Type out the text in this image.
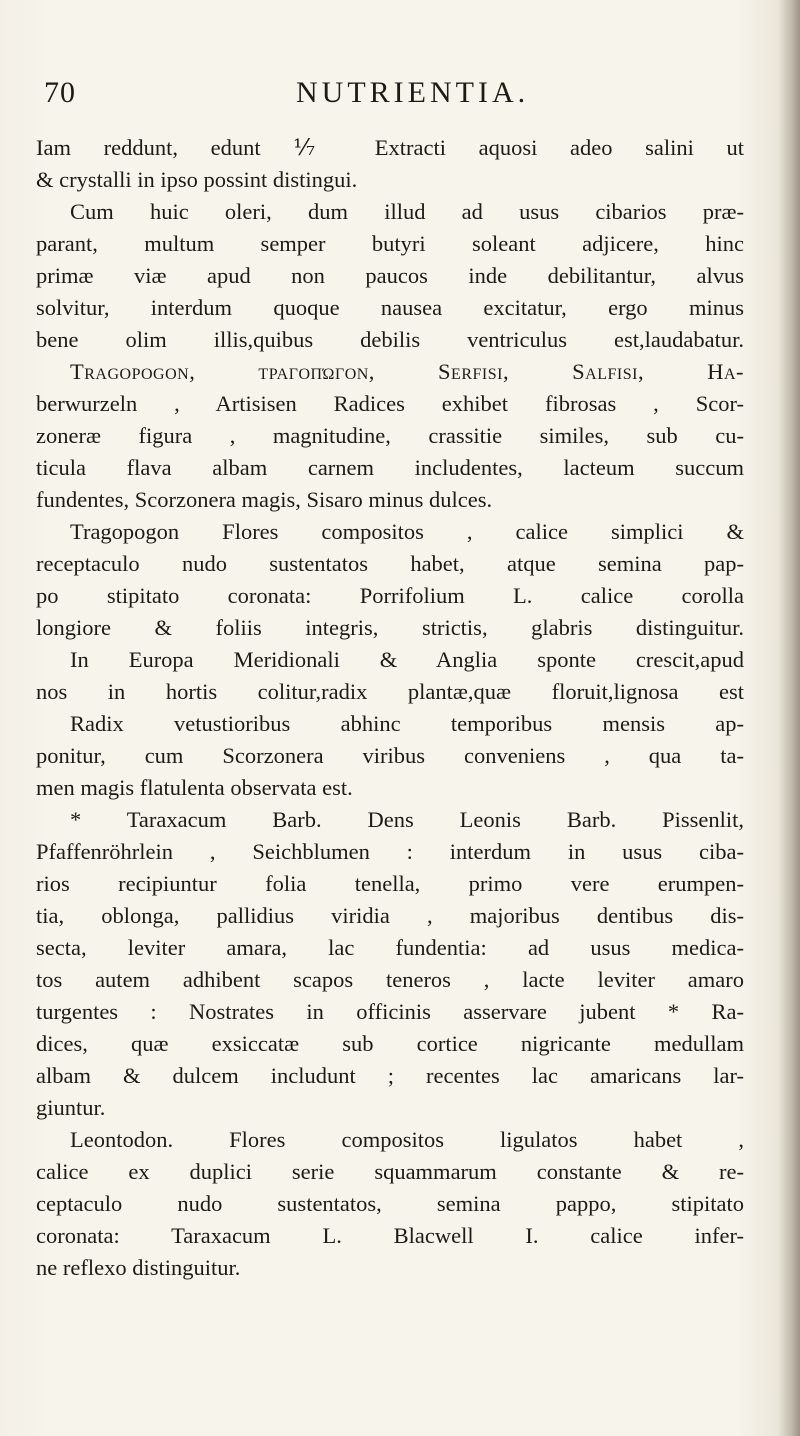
70	NUTRIENTIA.
Iam reddunt, edunt ⅐ Extracti aquosi adeo salini ut
& crystalli in ipso possint distingui.
Cum huic oleri, dum illud ad usus cibarios præ-
parant, multum semper butyri soleant adjicere, hinc
primæ viæ apud non paucos inde debilitantur, alvus
solvitur, interdum quoque nausea excitatur, ergo minus
bene olim illis,quibus debilis ventriculus est,laudabatur.
Tragopogon, τραγοπώγον, Serfisi, Salfisi, Ha-
berwurzeln , Artisisen Radices exhibet fibrosas , Scor-
zoneræ figura , magnitudine, crassitie similes, sub cu-
ticula flava albam carnem includentes, lacteum succum
fundentes, Scorzonera magis, Sisaro minus dulces.
Tragopogon Flores compositos , calice simplici &
receptaculo nudo sustentatos habet, atque semina pap-
po stipitato coronata: Porrifolium L. calice corolla
longiore & foliis integris, strictis, glabris distinguitur.
In Europa Meridionali & Anglia sponte crescit,apud
nos in hortis colitur,radix plantæ,quæ floruit,lignosa est
Radix vetustioribus abhinc temporibus mensis ap-
ponitur, cum Scorzonera viribus conveniens , qua ta-
men magis flatulenta observata est.
* Taraxacum Barb. Dens Leonis Barb. Pissenlit,
Pfaffenröhrlein , Seichblumen : interdum in usus ciba-
rios recipiuntur folia tenella, primo vere erumpen-
tia, oblonga, pallidius viridia , majoribus dentibus dis-
secta, leviter amara, lac fundentia: ad usus medica-
tos autem adhibent scapos teneros , lacte leviter amaro
turgentes : Nostrates in officinis asservare jubent * Ra-
dices, quæ exsiccatæ sub cortice nigricante medullam
albam & dulcem includunt ; recentes lac amaricans lar-
giuntur.
Leontodon. Flores compositos ligulatos habet ,
calice ex duplici serie squammarum constante & re-
ceptaculo nudo sustentatos, semina pappo, stipitato
coronata: Taraxacum L. Blacwell I. calice infer-
ne reflexo distinguitur.
